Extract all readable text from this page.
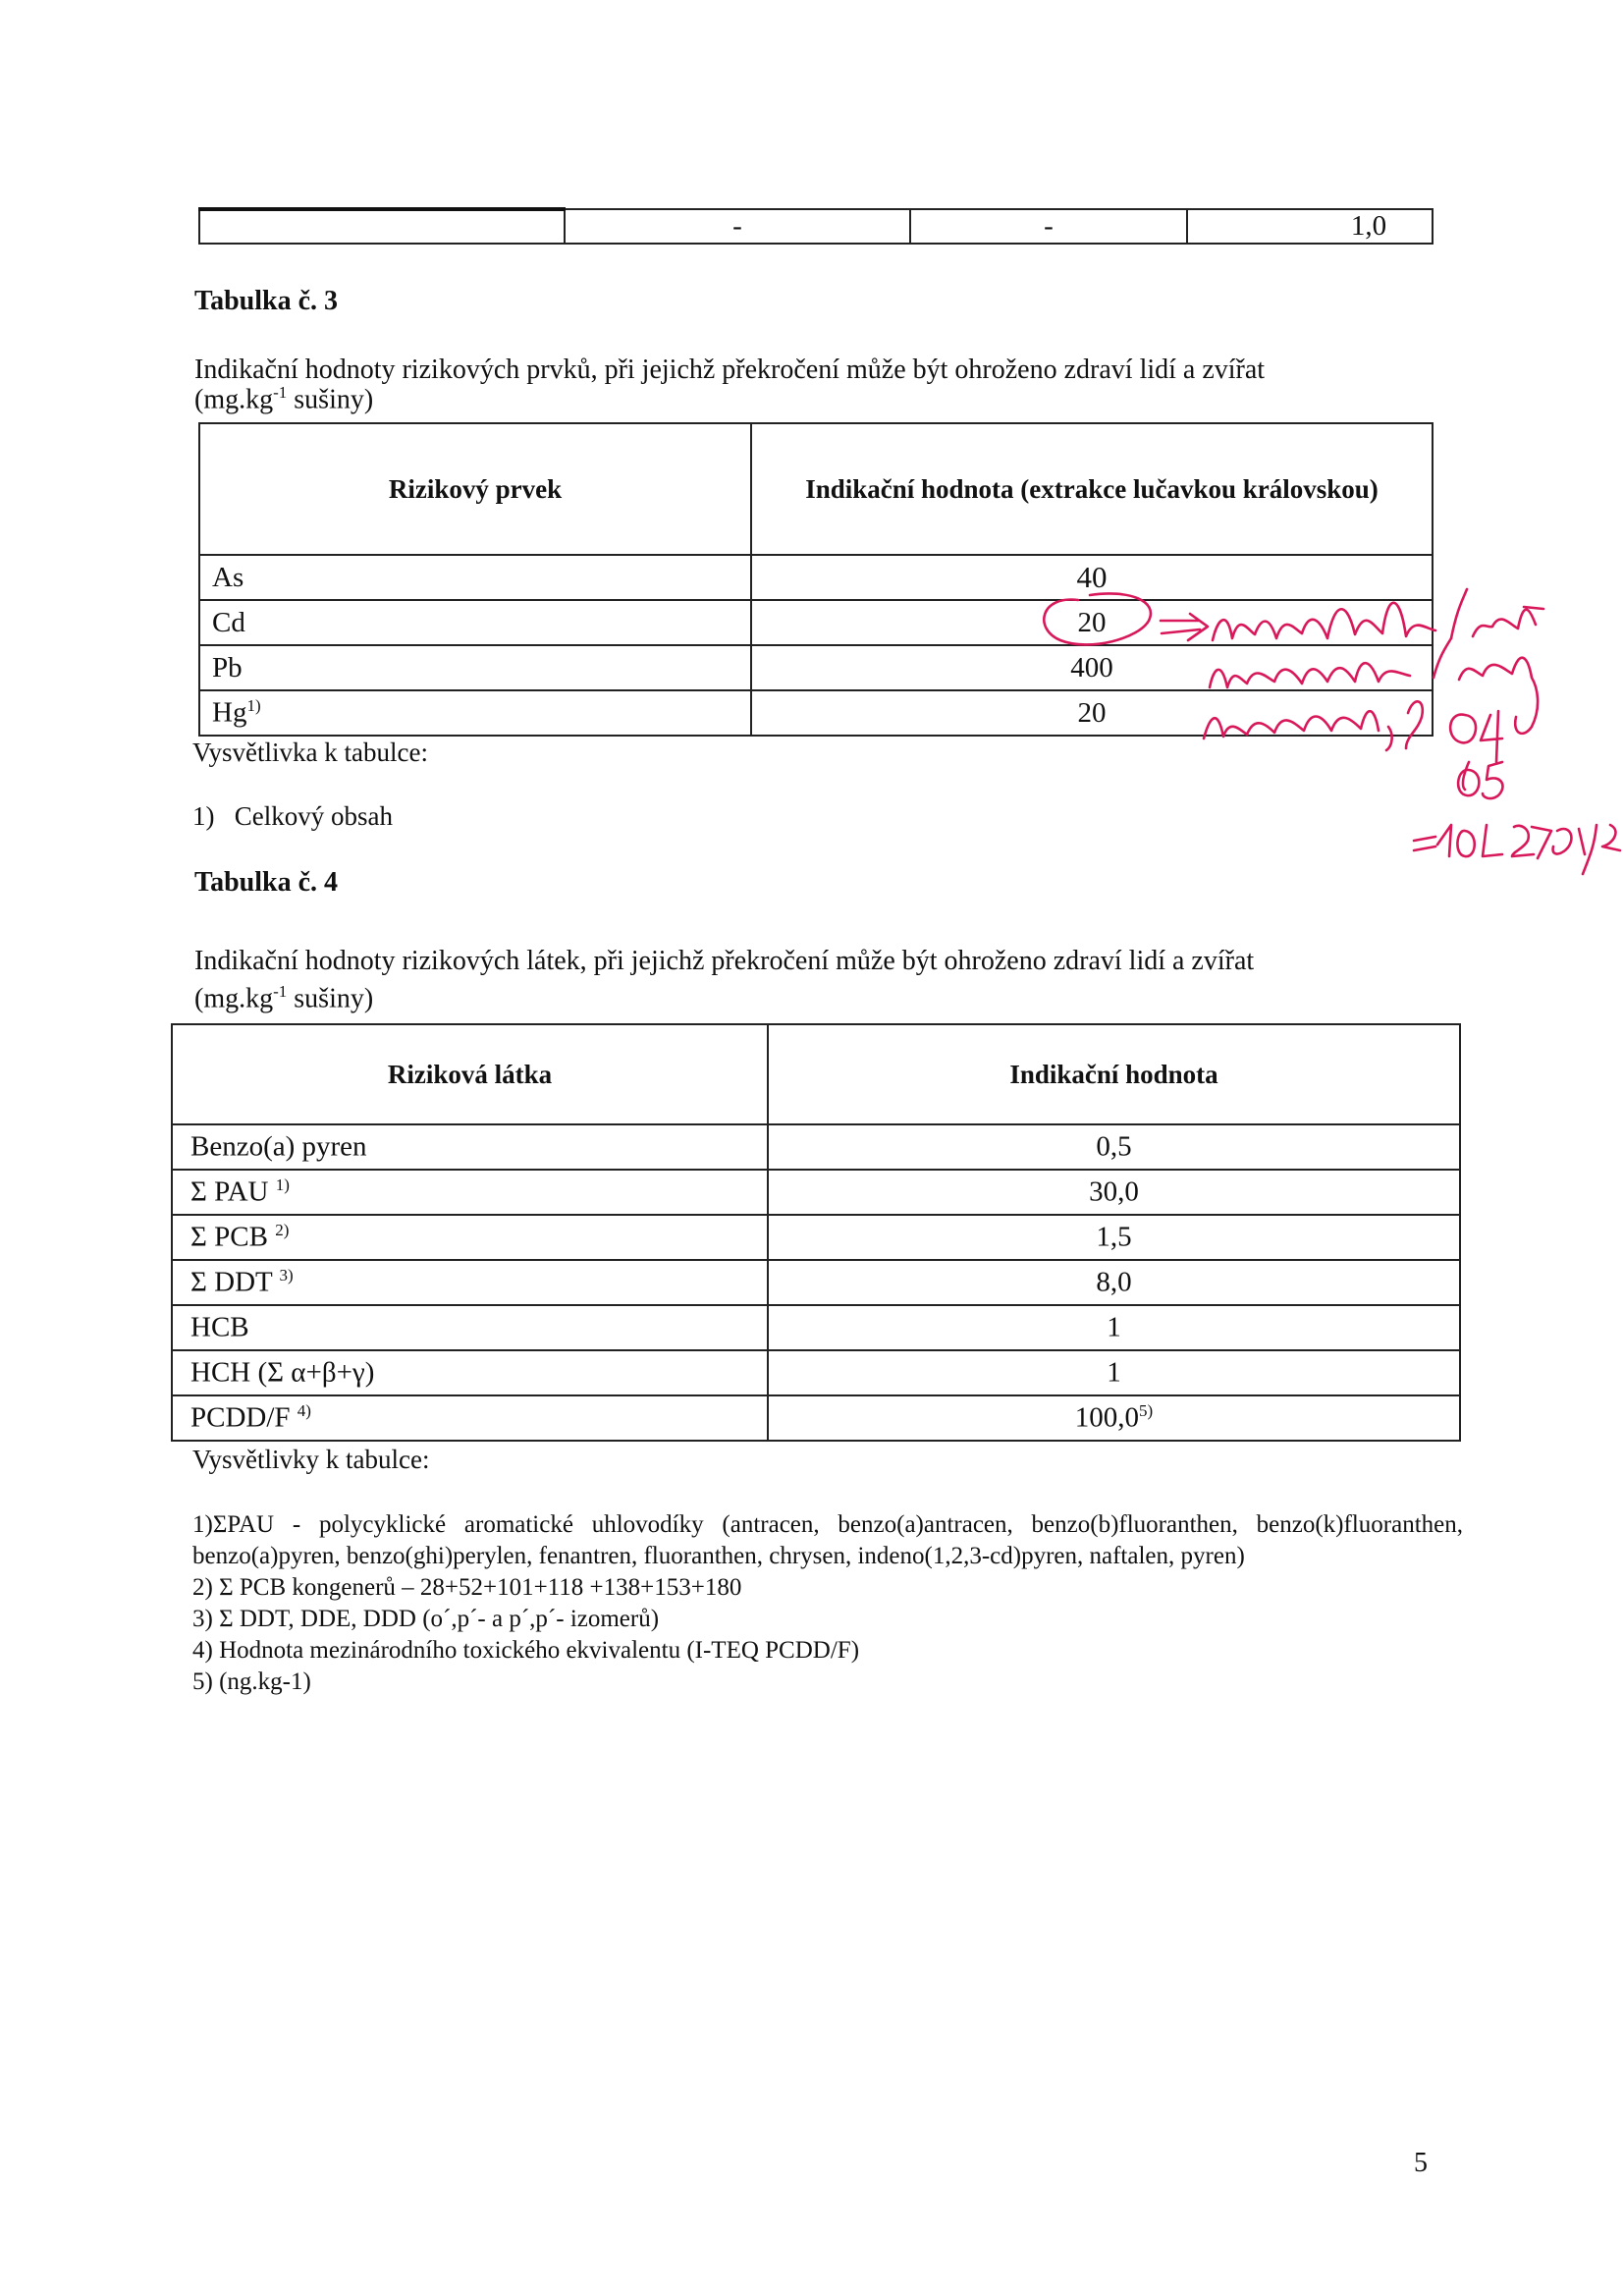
	-	-	1,0
Tabulka č. 3
Indikační hodnoty rizikových prvků, při jejichž překročení může být ohroženo zdraví lidí a zvířat
($mg.kg^{-1}$ sušiny)
Rizikový prvek	Indikační hodnota (extrakce lučavkou královskou)
As	40
Cd	20
Pb	400
Hg$^{1)}$	20
Vysvětlivka k tabulce:
1)   Celkový obsah
Tabulka č. 4
Indikační hodnoty rizikových látek, při jejichž překročení může být ohroženo zdraví lidí a zvířat
($mg.kg^{-1}$ sušiny)
Riziková látka	Indikační hodnota
Benzo(a) pyren	0,5
Σ PAU $^{1)}$	30,0
Σ PCB $^{2)}$	1,5
Σ DDT $^{3)}$	8,0
HCB	1
HCH (Σ α+β+γ)	1
PCDD/F $^{4)}$	100,0$^{5)}$
Vysvětlivky k tabulce:

1)ΣPAU - polycyklické aromatické uhlovodíky (antracen, benzo(a)antracen, benzo(b)fluoranthen, benzo(k)fluoranthen, benzo(a)pyren, benzo(ghi)perylen, fenantren, fluoranthen, chrysen, indeno(1,2,3-cd)pyren, naftalen, pyren)

2) Σ PCB kongenerů – 28+52+101+118 +138+153+180

3) Σ DDT, DDE, DDD (o´,p´- a p´,p´- izomerů)

4) Hodnota mezinárodního toxického ekvivalentu (I-TEQ PCDD/F)

5) (ng.kg-1)

5
